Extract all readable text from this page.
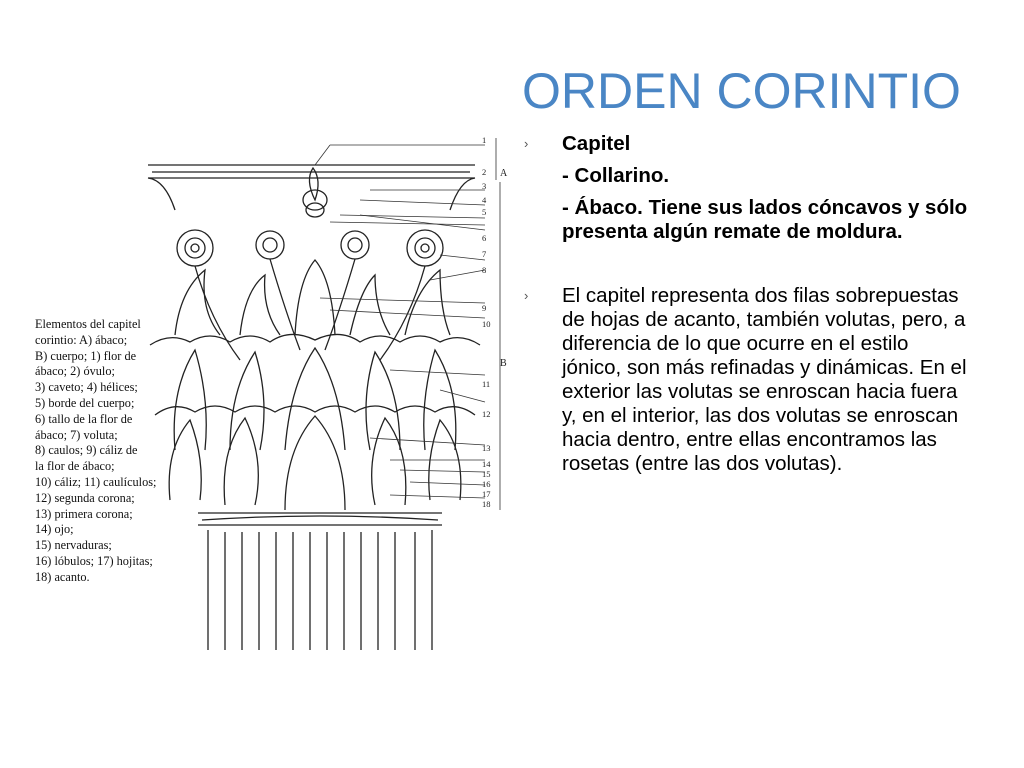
ORDEN CORINTIO
› Capitel
- Collarino.
- Ábaco. Tiene sus lados cóncavos y sólo presenta algún remate de moldura.
› El capitel representa dos filas sobrepuestas de hojas de acanto, también volutas, pero, a diferencia de lo que ocurre en el estilo jónico, son más refinadas y dinámicas. En el exterior las volutas se enroscan hacia fuera y, en el interior, las dos volutas se enroscan hacia dentro, entre ellas encontramos las rosetas (entre las dos volutas).
1
2
3
4
5
6
7
8
9
10
11
12
13
14
15
16
17
18
A
B
Elementos del capitel
corintio: A) ábaco;
B) cuerpo; 1) flor de
ábaco; 2) óvulo;
3) caveto; 4) hélices;
5) borde del cuerpo;
6) tallo de la flor de
ábaco; 7) voluta;
8) caulos; 9) cáliz de
la flor de ábaco;
10) cáliz; 11) caulículos;
12) segunda corona;
13) primera corona;
14) ojo;
15) nervaduras;
16) lóbulos; 17) hojitas;
18) acanto.
